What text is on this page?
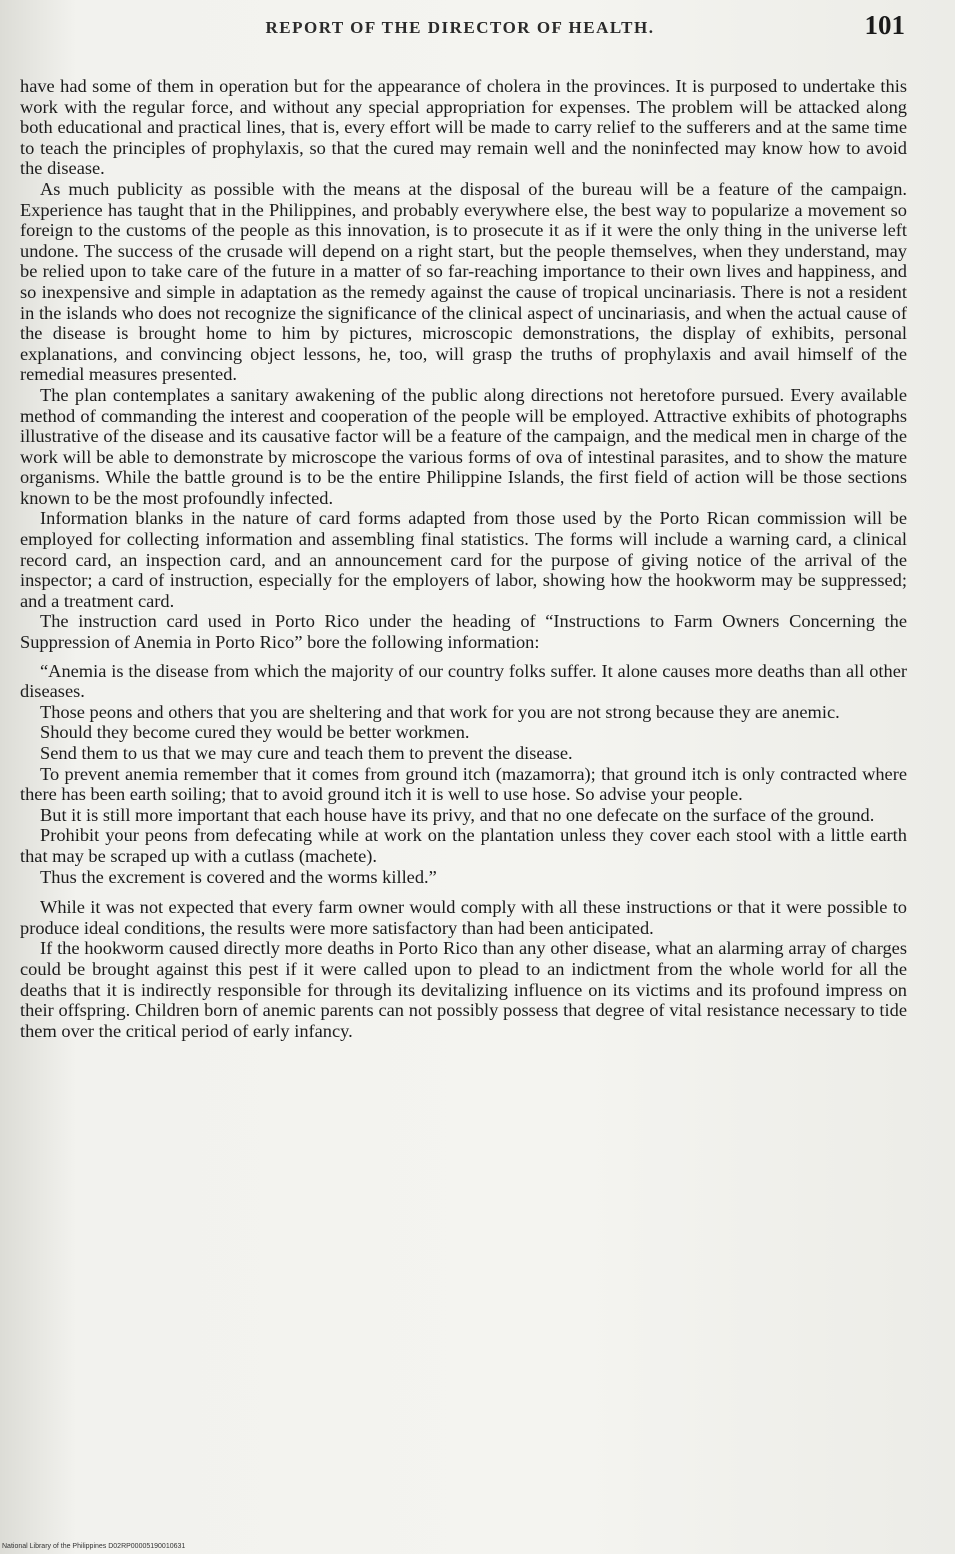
REPORT OF THE DIRECTOR OF HEALTH.	101

have had some of them in operation but for the appearance of cholera in the provinces. It is purposed to undertake this work with the regular force, and without any special appropriation for expenses. The problem will be attacked along both educational and practical lines, that is, every effort will be made to carry relief to the sufferers and at the same time to teach the principles of prophylaxis, so that the cured may remain well and the noninfected may know how to avoid the disease.

As much publicity as possible with the means at the disposal of the bureau will be a feature of the campaign. Experience has taught that in the Philippines, and probably everywhere else, the best way to popularize a movement so foreign to the customs of the people as this innovation, is to prosecute it as if it were the only thing in the universe left undone. The success of the crusade will depend on a right start, but the people themselves, when they understand, may be relied upon to take care of the future in a matter of so far-reaching importance to their own lives and happiness, and so inexpensive and simple in adaptation as the remedy against the cause of tropical uncinariasis. There is not a resident in the islands who does not recognize the significance of the clinical aspect of uncinariasis, and when the actual cause of the disease is brought home to him by pictures, microscopic demonstrations, the display of exhibits, personal explanations, and convincing object lessons, he, too, will grasp the truths of prophylaxis and avail himself of the remedial measures presented.

The plan contemplates a sanitary awakening of the public along directions not heretofore pursued. Every available method of commanding the interest and cooperation of the people will be employed. Attractive exhibits of photographs illustrative of the disease and its causative factor will be a feature of the campaign, and the medical men in charge of the work will be able to demonstrate by microscope the various forms of ova of intestinal parasites, and to show the mature organisms. While the battle ground is to be the entire Philippine Islands, the first field of action will be those sections known to be the most profoundly infected.

Information blanks in the nature of card forms adapted from those used by the Porto Rican commission will be employed for collecting information and assembling final statistics. The forms will include a warning card, a clinical record card, an inspection card, and an announcement card for the purpose of giving notice of the arrival of the inspector; a card of instruction, especially for the employers of labor, showing how the hookworm may be suppressed; and a treatment card.

The instruction card used in Porto Rico under the heading of “Instructions to Farm Owners Concerning the Suppression of Anemia in Porto Rico” bore the following information:

“Anemia is the disease from which the majority of our country folks suffer. It alone causes more deaths than all other diseases.

Those peons and others that you are sheltering and that work for you are not strong because they are anemic.

Should they become cured they would be better workmen.

Send them to us that we may cure and teach them to prevent the disease.

To prevent anemia remember that it comes from ground itch (mazamorra); that ground itch is only contracted where there has been earth soiling; that to avoid ground itch it is well to use hose. So advise your people.

But it is still more important that each house have its privy, and that no one defecate on the surface of the ground.

Prohibit your peons from defecating while at work on the plantation unless they cover each stool with a little earth that may be scraped up with a cutlass (machete).

Thus the excrement is covered and the worms killed.”

While it was not expected that every farm owner would comply with all these instructions or that it were possible to produce ideal conditions, the results were more satisfactory than had been anticipated.

If the hookworm caused directly more deaths in Porto Rico than any other disease, what an alarming array of charges could be brought against this pest if it were called upon to plead to an indictment from the whole world for all the deaths that it is indirectly responsible for through its devitalizing influence on its victims and its profound impress on their offspring. Children born of anemic parents can not possibly possess that degree of vital resistance necessary to tide them over the critical period of early infancy.

National Library of the Philippines D02RP00005190010631
